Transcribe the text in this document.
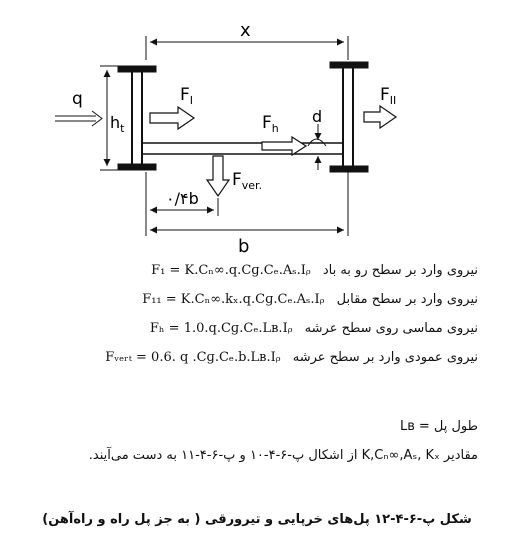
x
$h_t$
q	$F_I$	$F_{II}$
$F_h$
d
$F_{ver.}$
۰/۴b
b
نیروی وارد بر سطح رو به باد F₁ = K.Cₙ∞.q.Cɡ.Cₑ.Aₛ.Iᵨ
نیروی وارد بر سطح مقابل F₁₁ = K.Cₙ∞.kₓ.q.Cɡ.Cₑ.Aₛ.Iᵨ
نیروی مماسی روی سطح عرشه Fₕ = 1.0.q.Cɡ.Cₑ.Lʙ.Iᵨ
نیروی عمودی وارد بر سطح عرشه Fᵥₑᵣₜ = 0.6. q .Cɡ.Cₑ.b.Lʙ.Iᵨ
طول پل = Lʙ
مقادیر K,Cₙ∞,Aₛ, Kₓ از اشکال پ-۶-۴-۱۰ و پ-۶-۴-۱۱ به دست می‌آیند.
شکل پ-۶-۴-۱۲ پل‌های خرپایی و تیرورقی ( به جز پل راه و راه‌آهن)
